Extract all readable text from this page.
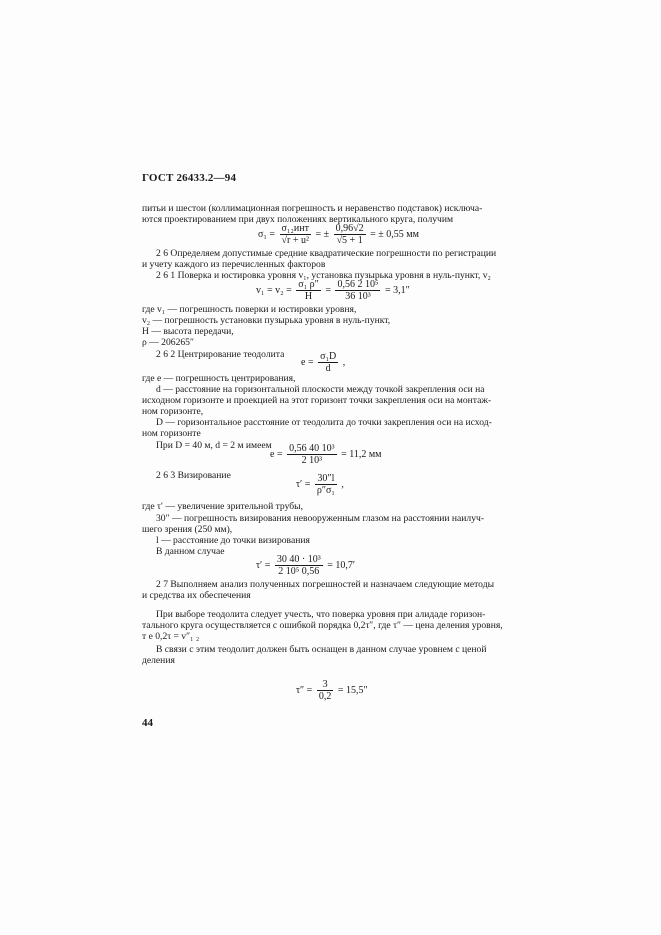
ГОСТ 26433.2—94
питьи и шестои (коллимационная погрешность и неравенство подставок) исключа-
ются проектированием при двух положениях вертикального круга, получим
$\sigma_1 = \frac{\text{σ₁₂инт}}{\text{√r + u²}}$ = ± $\frac{0,96√2}{√5 + 1}$ = ± 0,55 мм
2 6 Определяем допустимые средние квадратические погрешности по регистрации
и учету каждого из перечисленных факторов
2 6 1 Поверка и юстировка уровня v₁, установка пузырька уровня в нуль-пункт, v₂
$v_1 = v_2 = \frac{\text{σ₁ ρ″}}{H} = \frac{\text{0,56 2 10⁵}}{\text{36 10³}} = 3,1''$
где v₁ — погрешность поверки и юстировки уровня,
v₂ — погрешность установки пузырька уровня в нуль-пункт,
H — высота передачи,
ρ — 206265″
2 6 2 Центрирование теодолита
$e = \frac{\text{σ₁D}}{d}$ ,
где e — погрешность центрирования,
d — расстояние на горизонтальной плоскости между точкой закрепления оси на
исходном горизонте и проекцией на этот горизонт точки закрепления оси на монтаж-
ном горизонте,
D — горизонтальное расстояние от теодолита до точки закрепления оси на исход-
ном горизонте
При D = 40 м, d = 2 м имеем
$e = \frac{\text{0,56 40 10³}}{\text{2 10³}} = 11,2$ мм
2 6 3 Визирование
$\tau' = \frac{30''l}{\text{ρ″σ₁}}$ ,
где τ′ — увеличение зрительной трубы,
30″ — погрешность визирования невооруженным глазом на расстоянии наилуч-
шего зрения (250 мм),
l — расстояние до точки визирования
В данном случае
$\tau' = \frac{\text{30 40 · 10³}}{\text{2 10⁵ 0,56}} = 10,7'$
2 7 Выполняем анализ полученных погрешностей и назначаем следующие методы
и средства их обеспечения
При выборе теодолита следует учесть, что поверка уровня при алидаде горизон-
тального круга осуществляется с ошибкой порядка 0,2τ″, где τ″ — цена деления уровня,
т е 0,2τ = v″₁ ₂
В связи с этим теодолит должен быть оснащен в данном случае уровнем с ценой
деления
$\tau'' = \frac{3}{0,2} = 15,5''$
44
